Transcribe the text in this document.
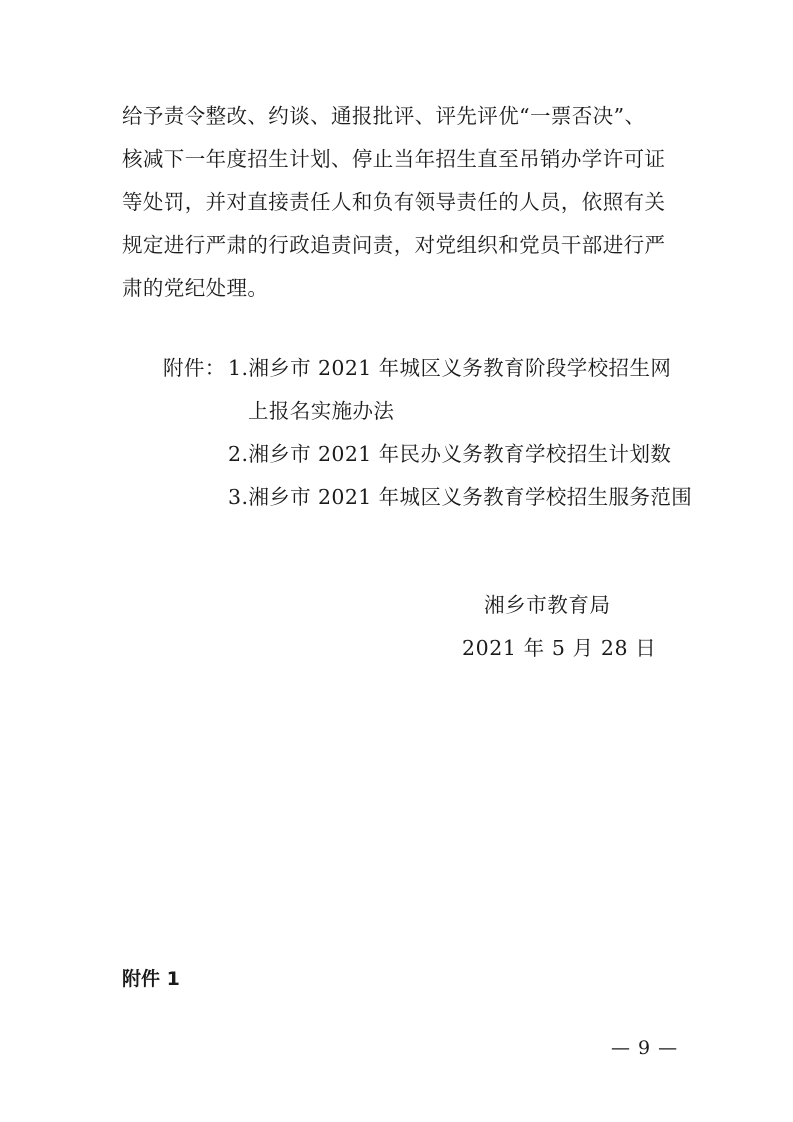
给予责令整改、约谈、通报批评、评先评优“一票否决”、
核减下一年度招生计划、停止当年招生直至吊销办学许可证
等处罚，并对直接责任人和负有领导责任的人员，依照有关
规定进行严肃的行政追责问责，对党组织和党员干部进行严
肃的党纪处理。
附件： 1.湘乡市 2021 年城区义务教育阶段学校招生网
上报名实施办法
2.湘乡市 2021 年民办义务教育学校招生计划数
3.湘乡市 2021 年城区义务教育学校招生服务范围
湘乡市教育局
2021 年 5 月 28 日
附件 1
— 9 —
